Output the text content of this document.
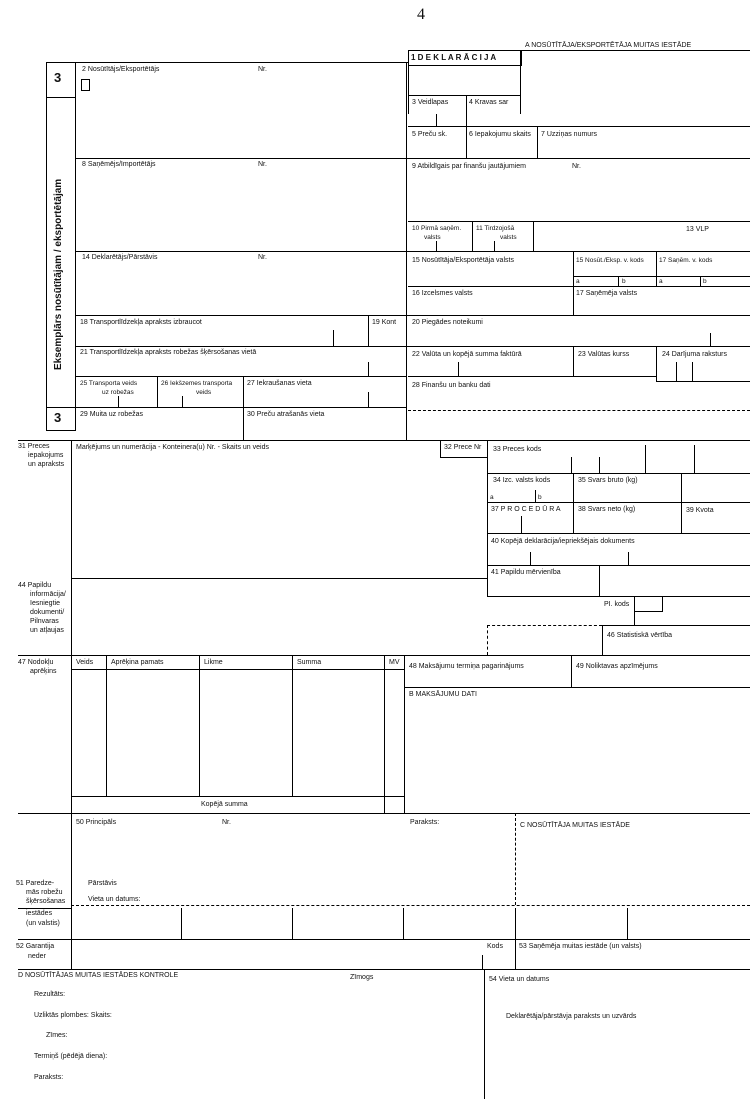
4
3
3
Eksemplārs nosūtītājam / eksportētājam
A NOSŪTĪTĀJA/EKSPORTĒTĀJA MUITAS IESTĀDE
1 D E K L A R Ā C I J A
2 Nosūtītājs/Eksportētājs	Nr.
3 Veidlapas	4 Kravas sar
5 Preču sk.	6 Iepakojumu skaits 7 Uzziņas numurs
8 Saņēmējs/Importētājs	Nr.	9 Atbildīgais par finanšu jautājumiem	Nr.
10 Pirmā saņēm.
valsts
11 Tirdzojošā
valsts
13 VLP
14 Deklarētājs/Pārstāvis	Nr.	15 Nosūtītāja/Eksportētāja valsts	15 Nosūt./Eksp. v. kods 17 Saņēm. v. kods
a	b	a	b
16 Izcelsmes valsts	17 Saņēmēja valsts
18 Transportlīdzekļa apraksts izbraucot	19 Kont 20 Piegādes noteikumi
21 Transportlīdzekļa apraksts robežas šķērsošanas vietā	22 Valūta un kopējā summa faktūrā	23 Valūtas kurss	24 Darījuma raksturs
25 Transporta veids
uz robežas
26 Iekšzemes transporta
veids
27 Iekraušanas vieta	28 Finanšu un banku dati
29 Muita uz robežas	30 Preču atrašanās vieta
31 Preces
iepakojums
un apraksts
Marķējums un numerācija - Konteinera(u) Nr. - Skaits un veids	32 Prece Nr 33 Preces kods
34 Izc. valsts kods
a	b
35 Svars bruto (kg)
37 P R O C E D Ū R A 38 Svars neto (kg)	39 Kvota
40 Kopējā deklarācija/iepriekšējais dokuments
41 Papildu mērvienība
44 Papildu
informācija/
Iesniegtie
dokumenti/
Pilnvaras
un atļaujas
PI. kods
46 Statistiskā vērtība
47 Nodokļu
aprēķins
Veids	Aprēķina pamats	Likme	Summa	MV
Kopējā summa
48 Maksājumu termiņa pagarinājums	49 Noliktavas apzīmējums
B MAKSĀJUMU DATI
50 Principāls	Nr.	Paraksts:	C NOSŪTĪTĀJA MUITAS IESTĀDE
Pārstāvis
Vieta un datums:
51 Paredze-
mās robežu
šķērsošanas
iestādes
(un valstis)
52 Garantija
neder
Kods 53 Saņēmēja muitas iestāde (un valsts)
D NOSŪTĪTĀJAS MUITAS IESTĀDES KONTROLE	Zīmogs	54 Vieta un datums
Rezultāts:
Uzliktās plombes: Skaits:	Deklarētāja/pārstāvja paraksts un uzvārds
Zīmes:
Termiņš (pēdējā diena):
Paraksts:
